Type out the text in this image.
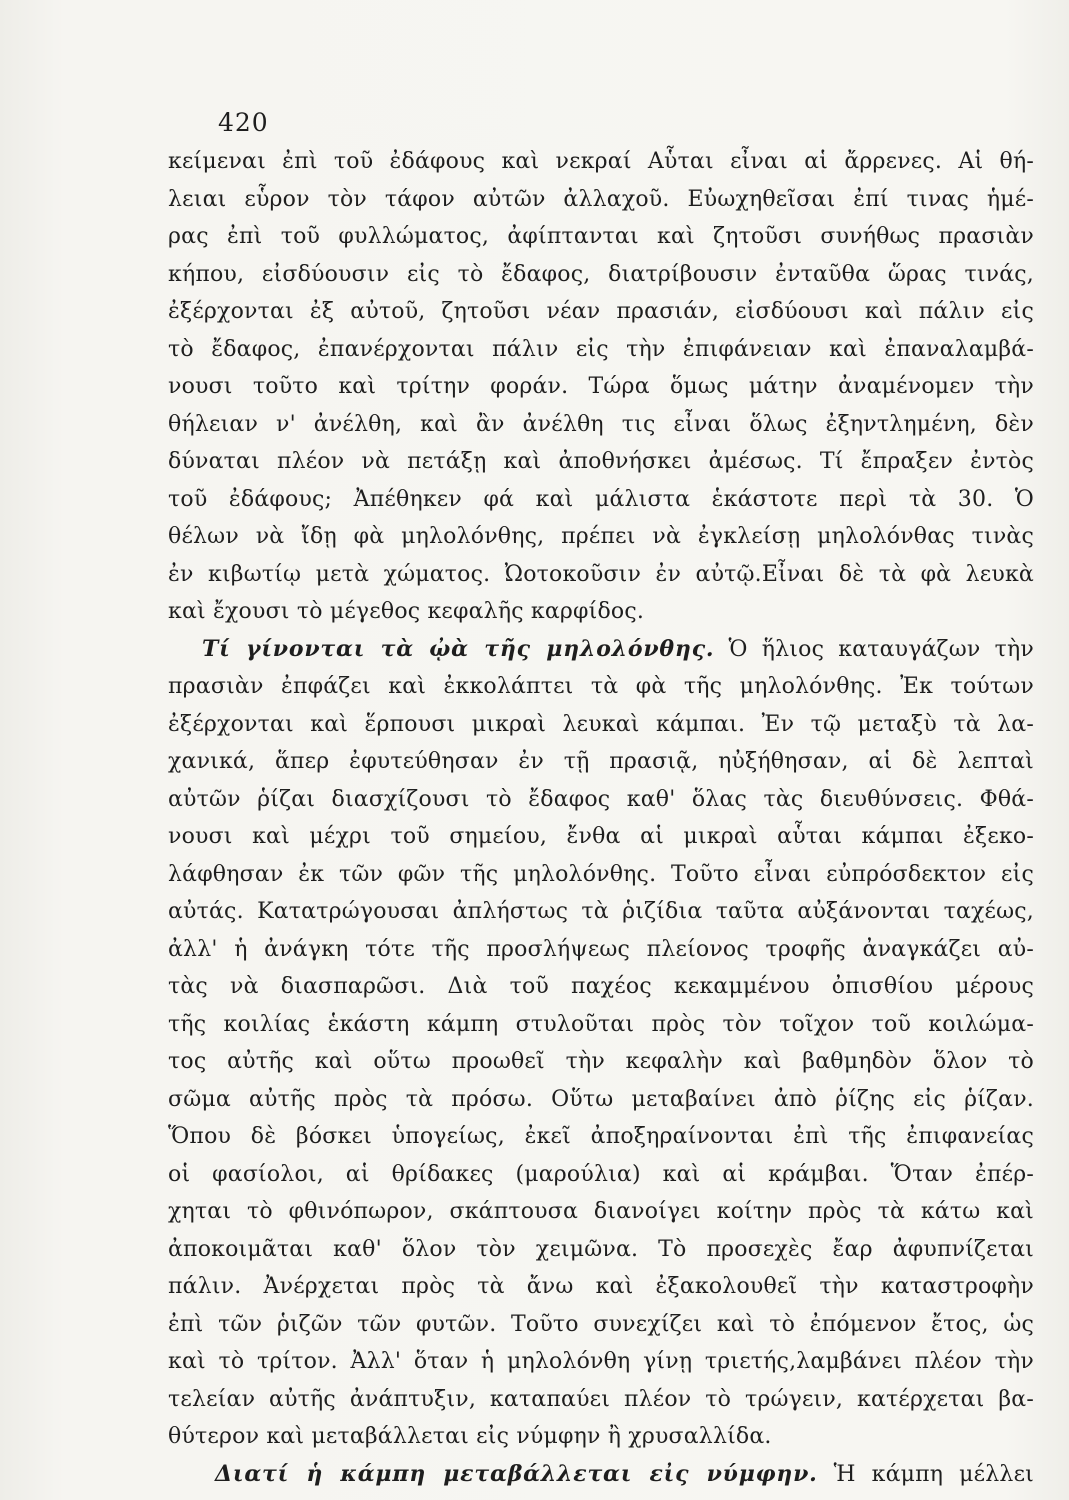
420
κείμεναι ἐπὶ τοῦ ἐδάφους καὶ νεκραί Αὗται εἶναι αἱ ἄρρενες. Αἱ θή-
λειαι εὗρον τὸν τάφον αὐτῶν ἀλλαχοῦ. Εὐωχηθεῖσαι ἐπί τινας ἡμέ-
ρας ἐπὶ τοῦ φυλλώματος, ἀφίπτανται καὶ ζητοῦσι συνήθως πρασιὰν
κήπου, εἰσδύουσιν εἰς τὸ ἔδαφος, διατρίβουσιν ἐνταῦθα ὥρας τινάς,
ἐξέρχονται ἐξ αὐτοῦ, ζητοῦσι νέαν πρασιάν, εἰσδύουσι καὶ πάλιν εἰς
τὸ ἔδαφος, ἐπανέρχονται πάλιν εἰς τὴν ἐπιφάνειαν καὶ ἐπαναλαμβά-
νουσι τοῦτο καὶ τρίτην φοράν. Τώρα ὅμως μάτην ἀναμένομεν τὴν
θήλειαν ν' ἀνέλθη, καὶ ἂν ἀνέλθη τις εἶναι ὅλως ἐξηντλημένη, δὲν
δύναται πλέον νὰ πετάξῃ καὶ ἀποθνήσκει ἀμέσως. Τί ἔπραξεν ἐντὸς
τοῦ ἐδάφους; Ἀπέθηκεν φά καὶ μάλιστα ἑκάστοτε περὶ τὰ 30. Ὁ
θέλων νὰ ἴδῃ φὰ μηλολόνθης, πρέπει νὰ ἐγκλείσῃ μηλολόνθας τινὰς
ἐν κιβωτίῳ μετὰ χώματος. Ὠοτοκοῦσιν ἐν αὐτῷ.Εἶναι δὲ τὰ φὰ λευκὰ
καὶ ἔχουσι τὸ μέγεθος κεφαλῆς καρφίδος.
Τί γίνονται τὰ ᾠὰ τῆς μηλολόνθης. Ὁ ἥλιος καταυγάζων τὴν
πρασιὰν ἐπφάζει καὶ ἐκκολάπτει τὰ φὰ τῆς μηλολόνθης. Ἐκ τούτων
ἐξέρχονται καὶ ἕρπουσι μικραὶ λευκαὶ κάμπαι. Ἐν τῷ μεταξὺ τὰ λα-
χανικά, ἅπερ ἐφυτεύθησαν ἐν τῇ πρασιᾷ, ηὐξήθησαν, αἱ δὲ λεπταὶ
αὐτῶν ῥίζαι διασχίζουσι τὸ ἔδαφος καθ' ὅλας τὰς διευθύνσεις. Φθά-
νουσι καὶ μέχρι τοῦ σημείου, ἔνθα αἱ μικραὶ αὗται κάμπαι ἐξεκο-
λάφθησαν ἐκ τῶν φῶν τῆς μηλολόνθης. Τοῦτο εἶναι εὐπρόσδεκτον εἰς
αὐτάς. Κατατρώγουσαι ἀπλήστως τὰ ῥιζίδια ταῦτα αὐξάνονται ταχέως,
ἀλλ' ἡ ἀνάγκη τότε τῆς προσλήψεως πλείονος τροφῆς ἀναγκάζει αὐ-
τὰς νὰ διασπαρῶσι. Διὰ τοῦ παχέος κεκαμμένου ὀπισθίου μέρους
τῆς κοιλίας ἑκάστη κάμπη στυλοῦται πρὸς τὸν τοῖχον τοῦ κοιλώμα-
τος αὐτῆς καὶ οὕτω προωθεῖ τὴν κεφαλὴν καὶ βαθμηδὸν ὅλον τὸ
σῶμα αὐτῆς πρὸς τὰ πρόσω. Οὕτω μεταβαίνει ἀπὸ ῥίζης εἰς ῥίζαν.
Ὅπου δὲ βόσκει ὑπογείως, ἐκεῖ ἀποξηραίνονται ἐπὶ τῆς ἐπιφανείας
οἱ φασίολοι, αἱ θρίδακες (μαρούλια) καὶ αἱ κράμβαι. Ὅταν ἐπέρ-
χηται τὸ φθινόπωρον, σκάπτουσα διανοίγει κοίτην πρὸς τὰ κάτω καὶ
ἀποκοιμᾶται καθ' ὅλον τὸν χειμῶνα. Τὸ προσεχὲς ἔαρ ἀφυπνίζεται
πάλιν. Ἀνέρχεται πρὸς τὰ ἄνω καὶ ἐξακολουθεῖ τὴν καταστροφὴν
ἐπὶ τῶν ῥιζῶν τῶν φυτῶν. Τοῦτο συνεχίζει καὶ τὸ ἐπόμενον ἔτος, ὡς
καὶ τὸ τρίτον. Ἀλλ' ὅταν ἡ μηλολόνθη γίνῃ τριετής,λαμβάνει πλέον τὴν
τελείαν αὐτῆς ἀνάπτυξιν, καταπαύει πλέον τὸ τρώγειν, κατέρχεται βα-
θύτερον καὶ μεταβάλλεται εἰς νύμφην ἢ χρυσαλλίδα.
Διατί ἡ κάμπη μεταβάλλεται εἰς νύμφην. Ἡ κάμπη μέλλει
